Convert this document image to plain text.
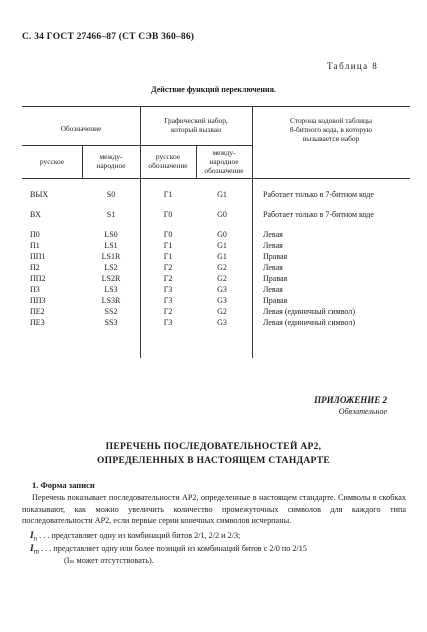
С. 34 ГОСТ 27466–87 (СТ СЭВ 360–86)
Таблица 8
Действие функций переключения.
Обозначение
русское
между-
народное
Графический набор,
который вызван
русское
обозначение
между-
народное
обозначение
Сторона кодовой таблицы
8-битного кода, в которую
вызывается набор
ВЫХ	S0	Г1	G1	Работает только в 7-битном коде
ВХ	S1	Г0	G0	Работает только в 7-битном коде
П0	LS0	Г0	G0	Левая
П1	LS1	Г1	G1	Левая
ПП1	LS1R	Г1	G1	Правая
П2	LS2	Г2	G2	Левая
ПП2	LS2R	Г2	G2	Правая
П3	LS3	Г3	G3	Левая
ПП3	LS3R	Г3	G3	Правая
ПЕ2	SS2	Г2	G2	Левая (единичный символ)
ПЕ3	SS3	Г3	G3	Левая (единичный символ)
ПРИЛОЖЕНИЕ 2
Обязательное
ПЕРЕЧЕНЬ ПОСЛЕДОВАТЕЛЬНОСТЕЙ АР2,
ОПРЕДЕЛЕННЫХ В НАСТОЯЩЕМ СТАНДАРТЕ
1. Форма записи
Перечень показывает последовательности АР2, определенные в настоящем стандарте. Символы в скобках показывают, как можно увеличить количество промежуточных символов для каждого типа последовательности АР2, если первые серии конечных символов исчерпаны.
$I_n$ . . . представляет одну из комбинаций битов 2/1, 2/2 и 2/3;
$I_m$ . . . представляет одну или более позиций из комбинаций битов с 2/0 по 2/15
(Iₘ может отсутствовать).
